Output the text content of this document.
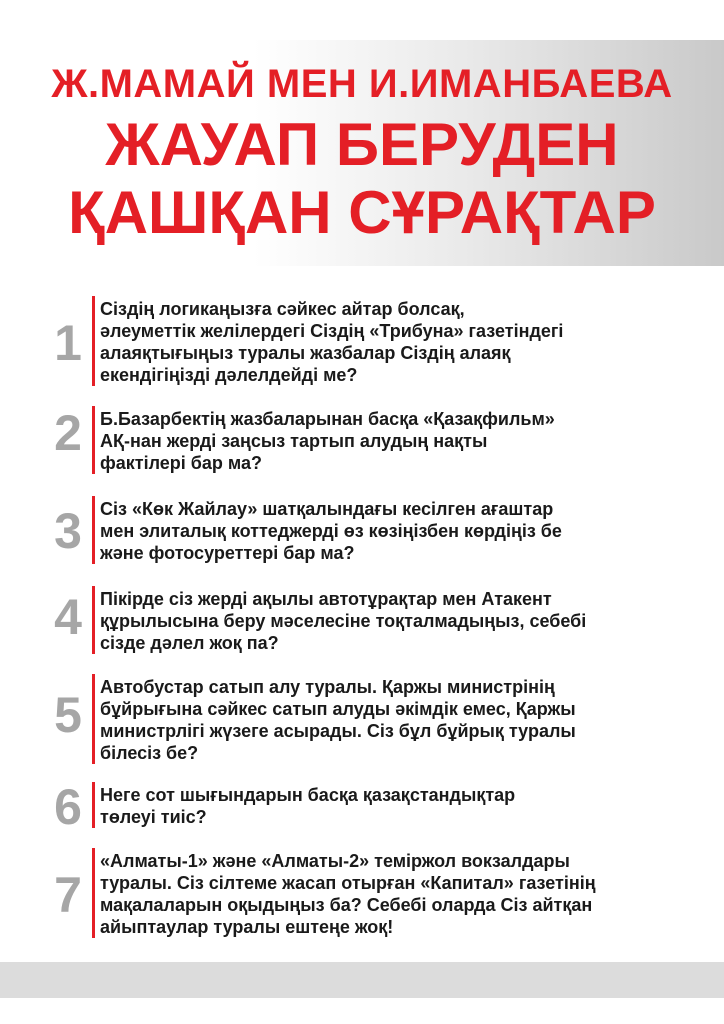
Ж.МАМАЙ МЕН И.ИМАНБАЕВА
ЖАУАП БЕРУДЕН
ҚАШҚАН СҰРАҚТАР
1
Сіздің логикаңызға сәйкес айтар болсақ,
әлеуметтік желілердегі Сіздің «Трибуна» газетіндегі
алаяқтығыңыз туралы жазбалар Сіздің алаяқ
екендігіңізді дәлелдейді ме?
2	Б.Базарбектің жазбаларынан басқа «Қазақфильм»
АҚ-нан жерді заңсыз тартып алудың нақты
фактілері бар ма?
3	Сіз «Көк Жайлау» шатқалындағы кесілген ағаштар
мен элиталық коттеджерді өз көзіңізбен көрдіңіз бе
және фотосуреттері бар ма?
4	Пікірде сіз жерді ақылы автотұрақтар мен Атакент
құрылысына беру мәселесіне тоқталмадыңыз, себебі
сізде дәлел жоқ па?
5	Автобустар сатып алу туралы. Қаржы министрінің
бұйрығына сәйкес сатып алуды әкімдік емес, Қаржы
министрлігі жүзеге асырады. Сіз бұл бұйрық туралы
білесіз бе?
6	Неге сот шығындарын басқа қазақстандықтар
төлеуі тиіс?
7
«Алматы-1» және «Алматы-2» теміржол вокзалдары
туралы. Сіз сілтеме жасап отырған «Капитал» газетінің
мақалаларын оқыдыңыз ба? Себебі оларда Сіз айтқан
айыптаулар туралы ештеңе жоқ!
